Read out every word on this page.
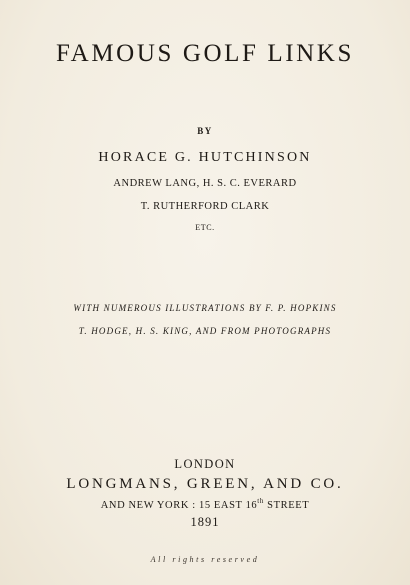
FAMOUS GOLF LINKS
BY
HORACE G. HUTCHINSON
ANDREW LANG, H. S. C. EVERARD
T. RUTHERFORD CLARK
ETC.
WITH NUMEROUS ILLUSTRATIONS BY F. P. HOPKINS
T. HODGE, H. S. KING, AND FROM PHOTOGRAPHS
LONDON
LONGMANS, GREEN, AND CO.
AND NEW YORK : 15 EAST 16th STREET
1891
All rights reserved
